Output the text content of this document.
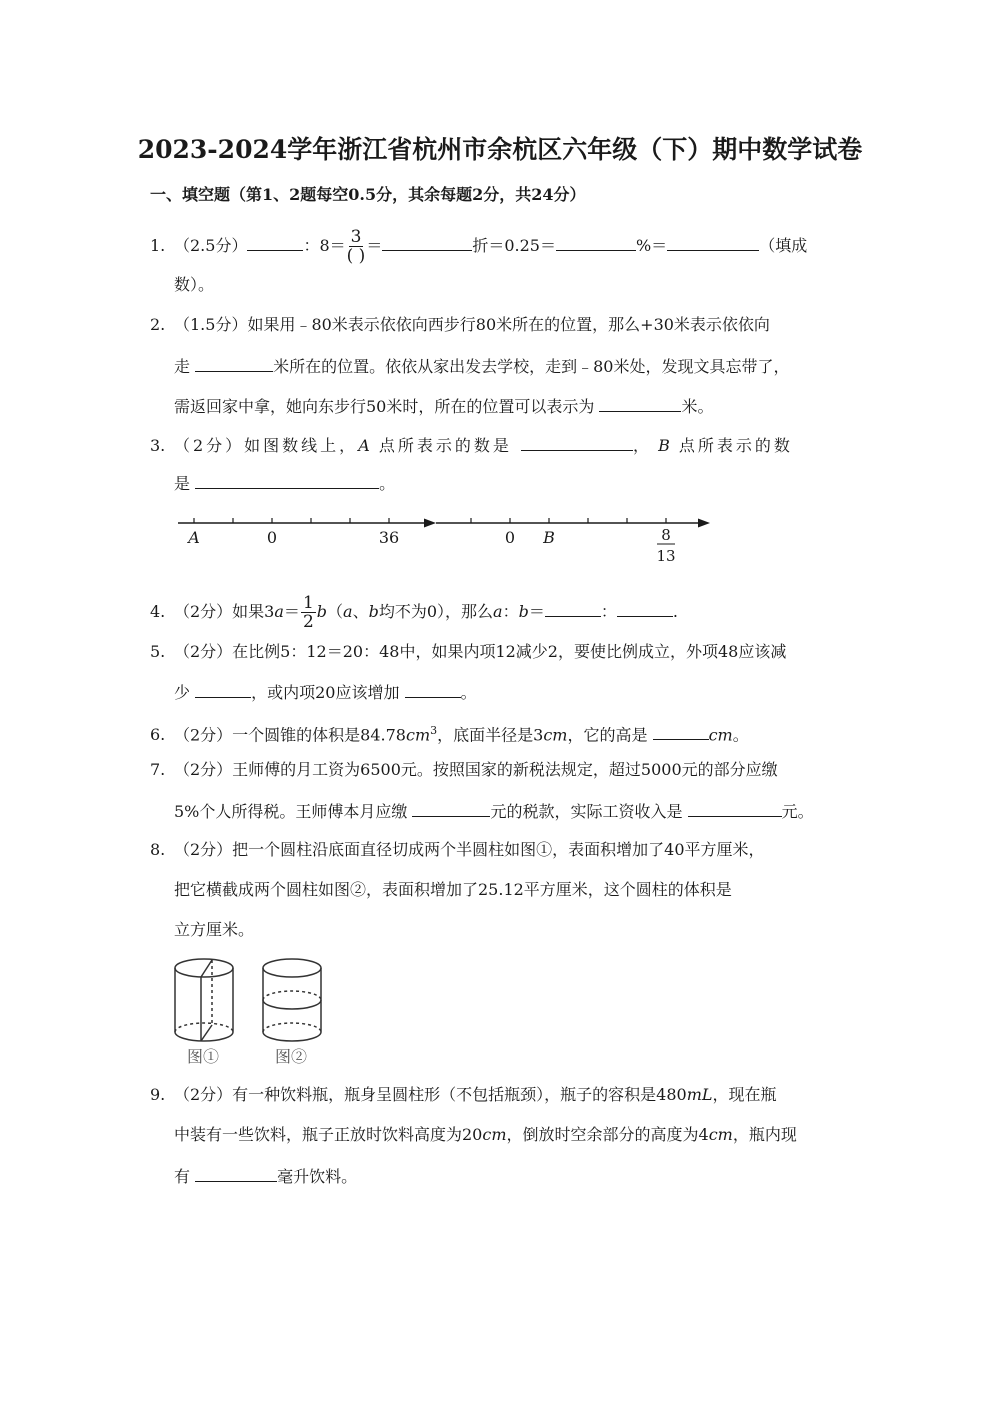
2023-2024学年浙江省杭州市余杭区六年级（下）期中数学试卷
一、填空题（第1、2题每空0.5分，其余每题2分，共24分）
1. （2.5分）	：$8= \frac{3}{( )}$ ＝	折＝0.25＝	%＝	（填成
数）。
2. （1.5分）如果用﹣80米表示依依向西步行80米所在的位置，那么+30米表示依依向
走	米所在的位置。依依从家出发去学校，走到﹣80米处，发现文具忘带了，
需返回家中拿，她向东步行50米时，所在的位置可以表示为	米。
3. （2分）如图数线上，A 点所表示的数是	， B 点所表示的数
是	。
A	0	36	0 B	8
13
4. （2分）如果$3a= \frac{1}{2} b(a$、b均不为0），那么a：b＝	：	.
5. （2分）在比例5：12＝20：48中，如果内项12减少2，要使比例成立，外项48应该减
少	，或内项20应该增加	。
6. （2分）一个圆锥的体积是$84.78cm^3$，底面半径是3cm，它的高是	cm。
7. （2分）王师傅的月工资为6500元。按照国家的新税法规定，超过5000元的部分应缴
5%个人所得税。王师傅本月应缴	元的税款，实际工资收入是	元。
8. （2分）把一个圆柱沿底面直径切成两个半圆柱如图①，表面积增加了40平方厘米，
把它横截成两个圆柱如图②，表面积增加了25.12平方厘米，这个圆柱的体积是
立方厘米。
图①	图②
9. （2分）有一种饮料瓶，瓶身呈圆柱形（不包括瓶颈），瓶子的容积是480mL，现在瓶
中装有一些饮料，瓶子正放时饮料高度为20cm，倒放时空余部分的高度为4cm，瓶内现
有	毫升饮料。
